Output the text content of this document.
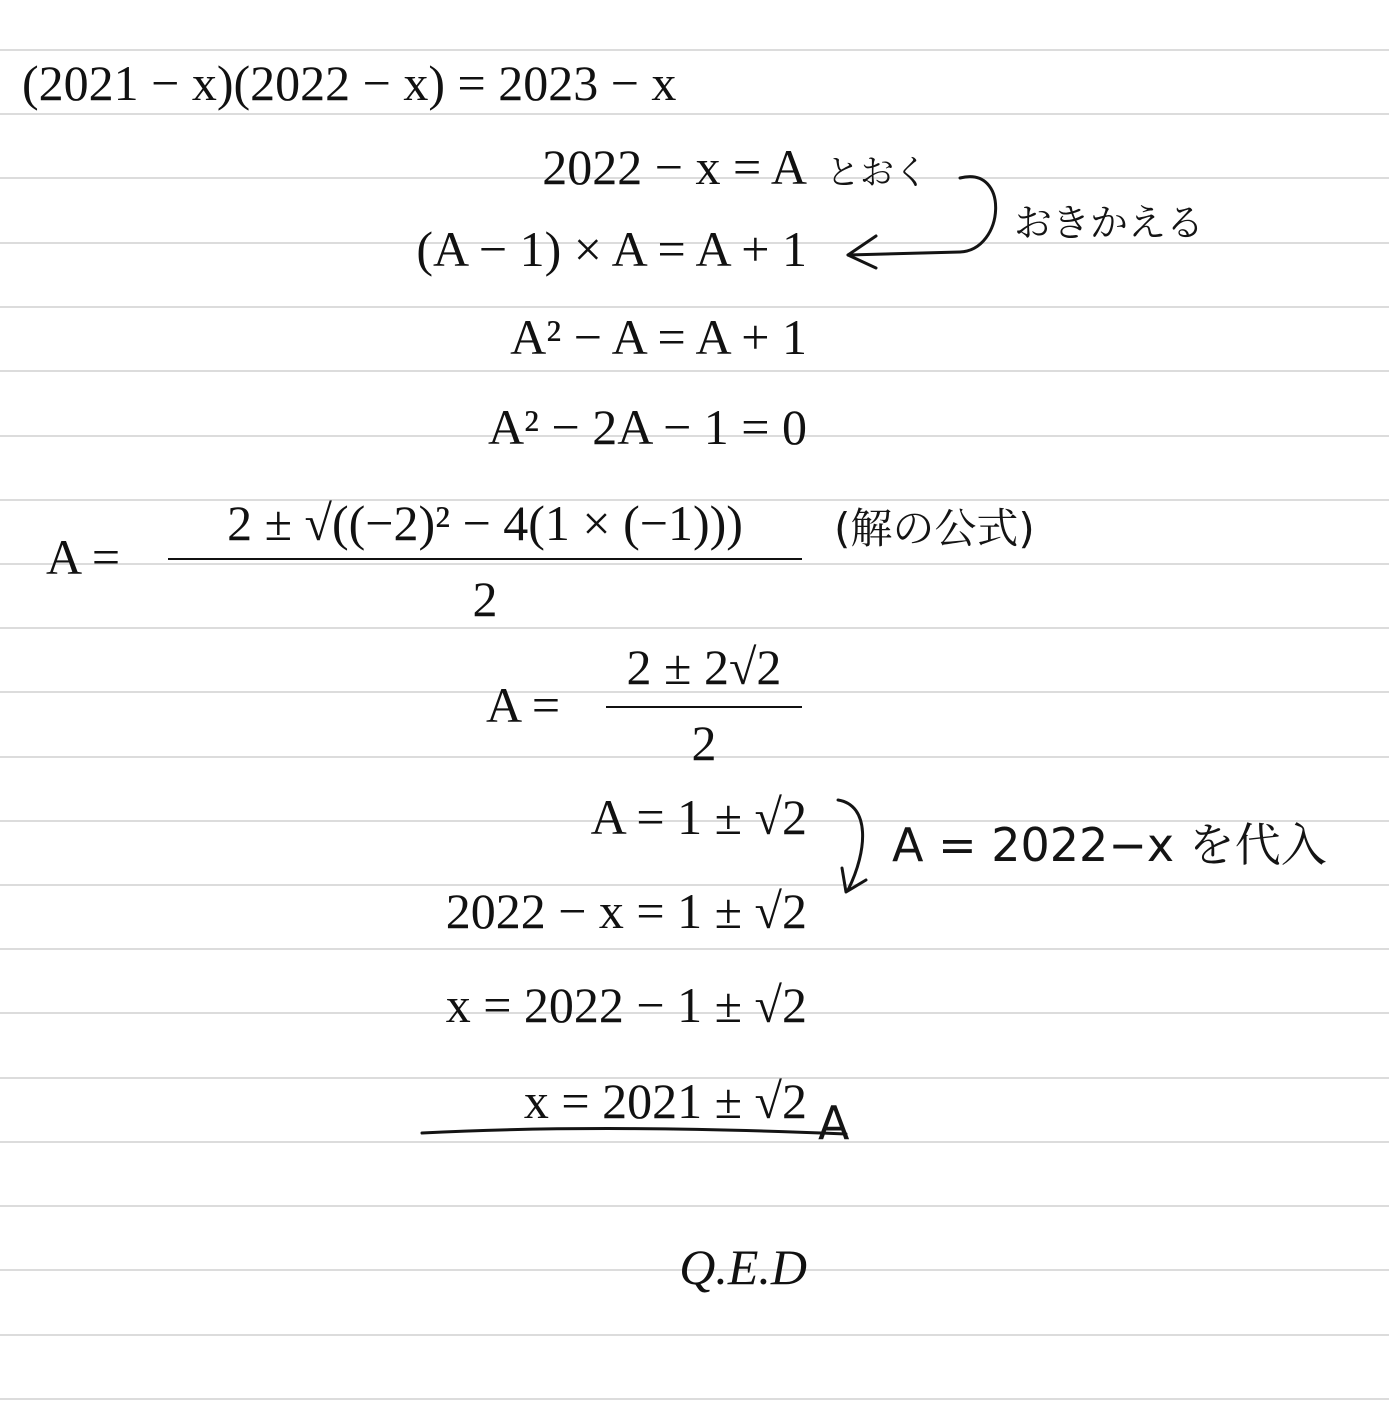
(2021 − x)(2022 − x) = 2023 − x
2022 − x = A
(A − 1) × A = A + 1
A² − A = A + 1
A² − 2A − 1 = 0
A =
2 ± √((−2)² − 4(1 × (−1)))
2
A =
2 ± 2√2
2
A = 1 ± √2
2022 − x = 1 ± √2
x = 2022 − 1 ± √2
x = 2021 ± √2
Q.E.D
とおく
おきかえる
(解の公式)
A = 2022−x を代入
A
